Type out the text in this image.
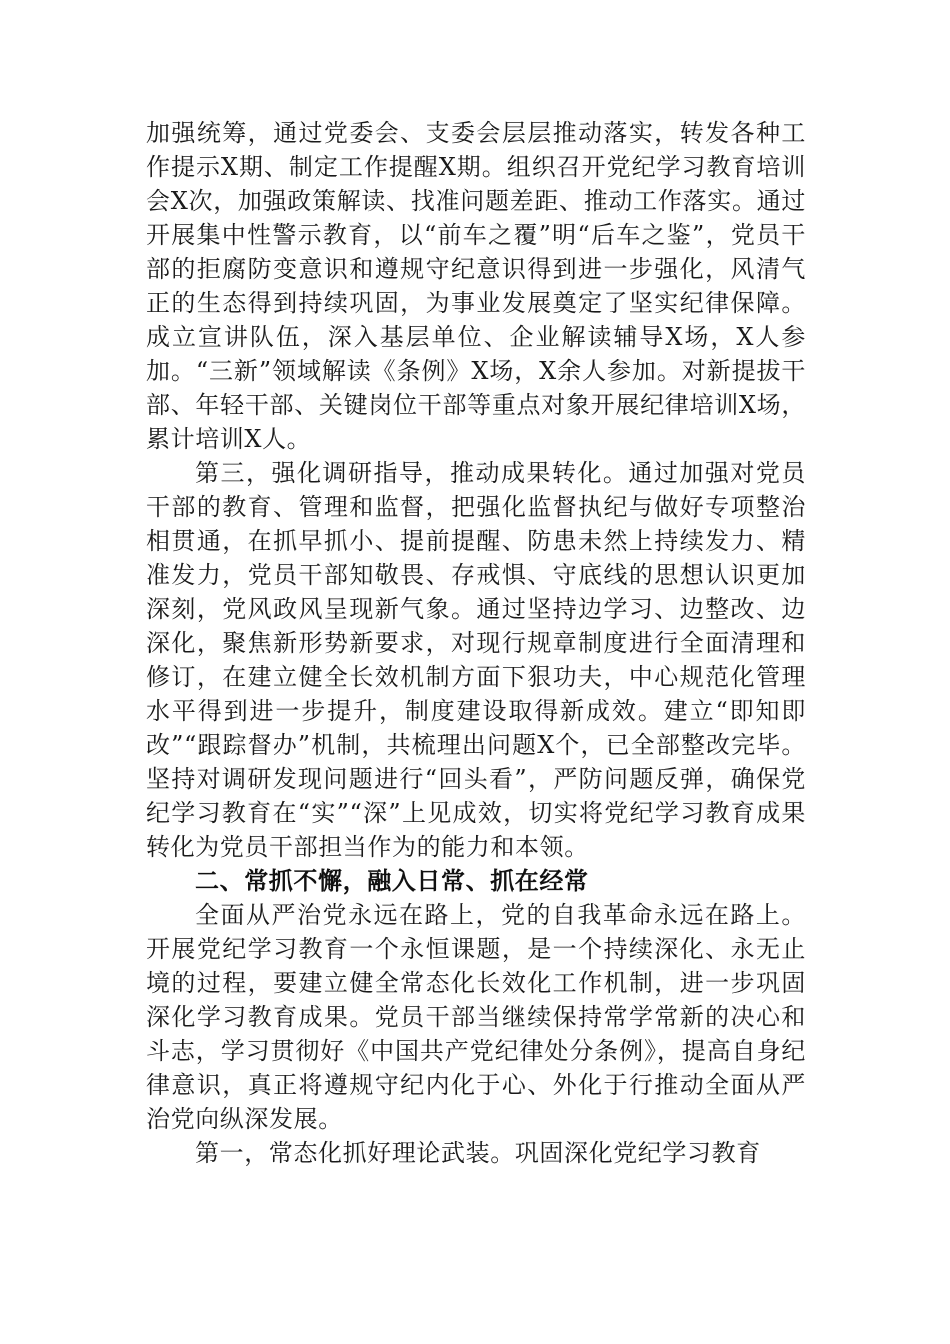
加强统筹，通过党委会、支委会层层推动落实，转发各种工作提示X期、制定工作提醒X期。组织召开党纪学习教育培训会X次，加强政策解读、找准问题差距、推动工作落实。通过开展集中性警示教育，以“前车之覆”明“后车之鉴”，党员干部的拒腐防变意识和遵规守纪意识得到进一步强化，风清气正的生态得到持续巩固，为事业发展奠定了坚实纪律保障。成立宣讲队伍，深入基层单位、企业解读辅导X场，X人参加。“三新”领域解读《条例》X场，X余人参加。对新提拔干部、年轻干部、关键岗位干部等重点对象开展纪律培训X场，累计培训X人。

第三，强化调研指导，推动成果转化。通过加强对党员干部的教育、管理和监督，把强化监督执纪与做好专项整治相贯通，在抓早抓小、提前提醒、防患未然上持续发力、精准发力，党员干部知敬畏、存戒惧、守底线的思想认识更加深刻，党风政风呈现新气象。通过坚持边学习、边整改、边深化，聚焦新形势新要求，对现行规章制度进行全面清理和修订，在建立健全长效机制方面下狠功夫，中心规范化管理水平得到进一步提升，制度建设取得新成效。建立“即知即改”“跟踪督办”机制，共梳理出问题X个，已全部整改完毕。坚持对调研发现问题进行“回头看”，严防问题反弹，确保党纪学习教育在“实”“深”上见成效，切实将党纪学习教育成果转化为党员干部担当作为的能力和本领。

二、常抓不懈，融入日常、抓在经常

全面从严治党永远在路上，党的自我革命永远在路上。开展党纪学习教育一个永恒课题，是一个持续深化、永无止境的过程，要建立健全常态化长效化工作机制，进一步巩固深化学习教育成果。党员干部当继续保持常学常新的决心和斗志，学习贯彻好《中国共产党纪律处分条例》，提高自身纪律意识，真正将遵规守纪内化于心、外化于行推动全面从严治党向纵深发展。

第一，常态化抓好理论武装。巩固深化党纪学习教育
